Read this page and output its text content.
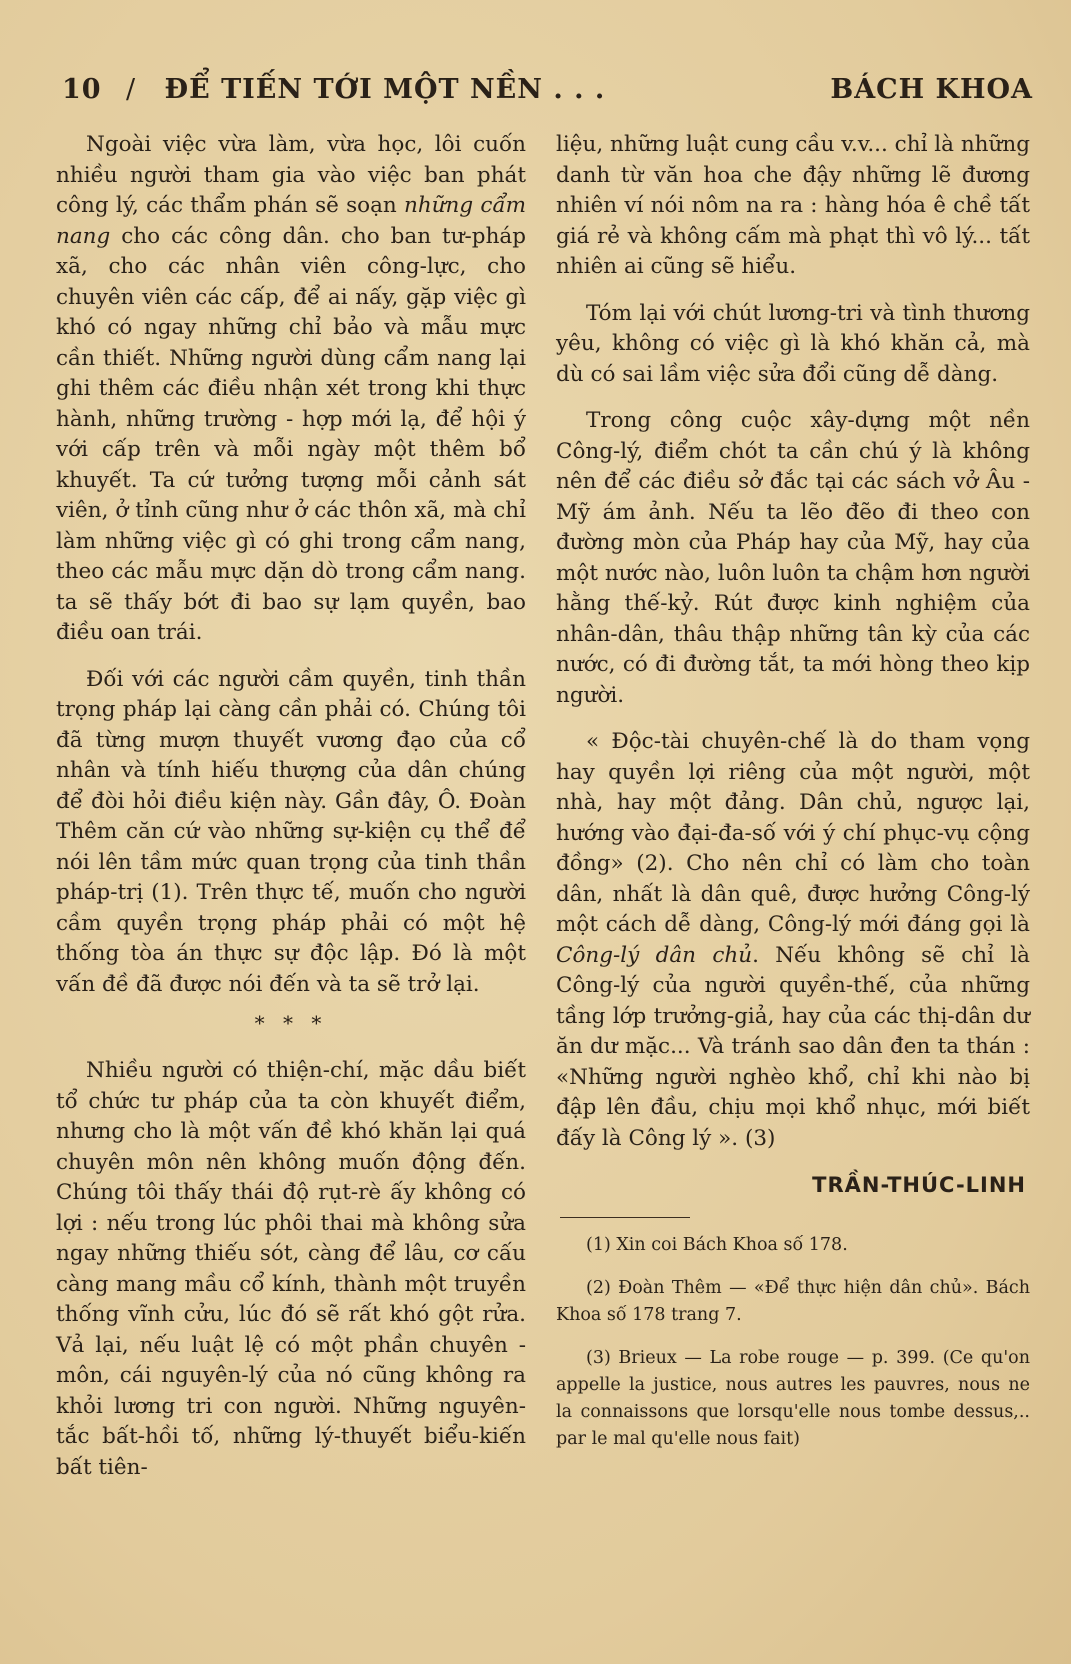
10 / ĐỂ TIẾN TỚI MỘT NỀN . . .	BÁCH KHOA

Ngoài việc vừa làm, vừa học, lôi cuốn nhiều người tham gia vào việc ban phát công lý, các thẩm phán sẽ soạn những cẩm nang cho các công dân. cho ban tư-pháp xã, cho các nhân viên công-lực, cho chuyên viên các cấp, để ai nấy, gặp việc gì khó có ngay những chỉ bảo và mẫu mực cần thiết. Những người dùng cẩm nang lại ghi thêm các điều nhận xét trong khi thực hành, những trường - hợp mới lạ, để hội ý với cấp trên và mỗi ngày một thêm bổ khuyết. Ta cứ tưởng tượng mỗi cảnh sát viên, ở tỉnh cũng như ở các thôn xã, mà chỉ làm những việc gì có ghi trong cẩm nang, theo các mẫu mực dặn dò trong cẩm nang. ta sẽ thấy bớt đi bao sự lạm quyền, bao điều oan trái.

Đối với các người cầm quyền, tinh thần trọng pháp lại càng cần phải có. Chúng tôi đã từng mượn thuyết vương đạo của cổ nhân và tính hiếu thượng của dân chúng để đòi hỏi điều kiện này. Gần đây, Ô. Đoàn Thêm căn cứ vào những sự-kiện cụ thể để nói lên tầm mức quan trọng của tinh thần pháp-trị (1). Trên thực tế, muốn cho người cầm quyền trọng pháp phải có một hệ thống tòa án thực sự độc lập. Đó là một vấn đề đã được nói đến và ta sẽ trở lại.

* * *

Nhiều người có thiện-chí, mặc dầu biết tổ chức tư pháp của ta còn khuyết điểm, nhưng cho là một vấn đề khó khăn lại quá chuyên môn nên không muốn động đến. Chúng tôi thấy thái độ rụt-rè ấy không có lợi : nếu trong lúc phôi thai mà không sửa ngay những thiếu sót, càng để lâu, cơ cấu càng mang mầu cổ kính, thành một truyền thống vĩnh cửu, lúc đó sẽ rất khó gột rửa. Vả lại, nếu luật lệ có một phần chuyên - môn, cái nguyên-lý của nó cũng không ra khỏi lương tri con người. Những nguyên-tắc bất-hồi tố, những lý-thuyết biểu-kiến bất tiên-

liệu, những luật cung cầu v.v... chỉ là những danh từ văn hoa che đậy những lẽ đương nhiên ví nói nôm na ra : hàng hóa ê chề tất giá rẻ và không cấm mà phạt thì vô lý... tất nhiên ai cũng sẽ hiểu.

Tóm lại với chút lương-tri và tình thương yêu, không có việc gì là khó khăn cả, mà dù có sai lầm việc sửa đổi cũng dễ dàng.

Trong công cuộc xây-dựng một nền Công-lý, điểm chót ta cần chú ý là không nên để các điều sở đắc tại các sách vở Âu - Mỹ ám ảnh. Nếu ta lẽo đẽo đi theo con đường mòn của Pháp hay của Mỹ, hay của một nước nào, luôn luôn ta chậm hơn người hằng thế-kỷ. Rút được kinh nghiệm của nhân-dân, thâu thập những tân kỳ của các nước, có đi đường tắt, ta mới hòng theo kịp người.

« Độc-tài chuyên-chế là do tham vọng hay quyền lợi riêng của một người, một nhà, hay một đảng. Dân chủ, ngược lại, hướng vào đại-đa-số với ý chí phục-vụ cộng đồng» (2). Cho nên chỉ có làm cho toàn dân, nhất là dân quê, được hưởng Công-lý một cách dễ dàng, Công-lý mới đáng gọi là Công-lý dân chủ. Nếu không sẽ chỉ là Công-lý của người quyền-thế, của những tầng lớp trưởng-giả, hay của các thị-dân dư ăn dư mặc... Và tránh sao dân đen ta thán : «Những người nghèo khổ, chỉ khi nào bị đập lên đầu, chịu mọi khổ nhục, mới biết đấy là Công lý ». (3)

TRẦN-THÚC-LINH

(1) Xin coi Bách Khoa số 178.

(2) Đoàn Thêm — «Để thực hiện dân chủ». Bách Khoa số 178 trang 7.

(3) Brieux — La robe rouge — p. 399. (Ce qu'on appelle la justice, nous autres les pauvres, nous ne la connaissons que lorsqu'elle nous tombe dessus,.. par le mal qu'elle nous fait)
